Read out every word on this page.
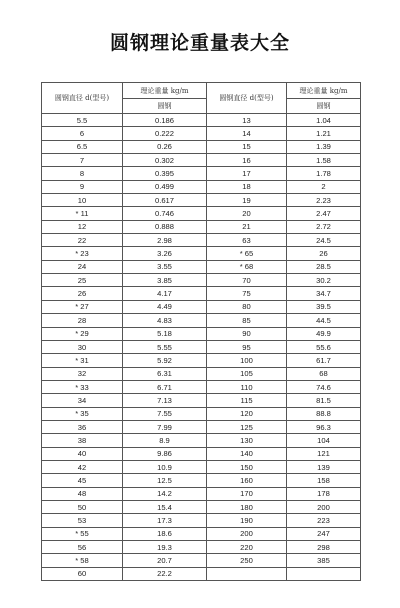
圆钢理论重量表大全
圆钢直径 d(型号)	理论重量 kg/m	圆钢直径 d(型号)	理论重量 kg/m
	圆钢		圆钢
5.5	0.186	13	1.04
6	0.222	14	1.21
6.5	0.26	15	1.39
7	0.302	16	1.58
8	0.395	17	1.78
9	0.499	18	2
10	0.617	19	2.23
* 11	0.746	20	2.47
12	0.888	21	2.72
22	2.98	63	24.5
* 23	3.26	* 65	26
24	3.55	* 68	28.5
25	3.85	70	30.2
26	4.17	75	34.7
* 27	4.49	80	39.5
28	4.83	85	44.5
* 29	5.18	90	49.9
30	5.55	95	55.6
* 31	5.92	100	61.7
32	6.31	105	68
* 33	6.71	110	74.6
34	7.13	115	81.5
* 35	7.55	120	88.8
36	7.99	125	96.3
38	8.9	130	104
40	9.86	140	121
42	10.9	150	139
45	12.5	160	158
48	14.2	170	178
50	15.4	180	200
53	17.3	190	223
* 55	18.6	200	247
56	19.3	220	298
* 58	20.7	250	385
60	22.2		
